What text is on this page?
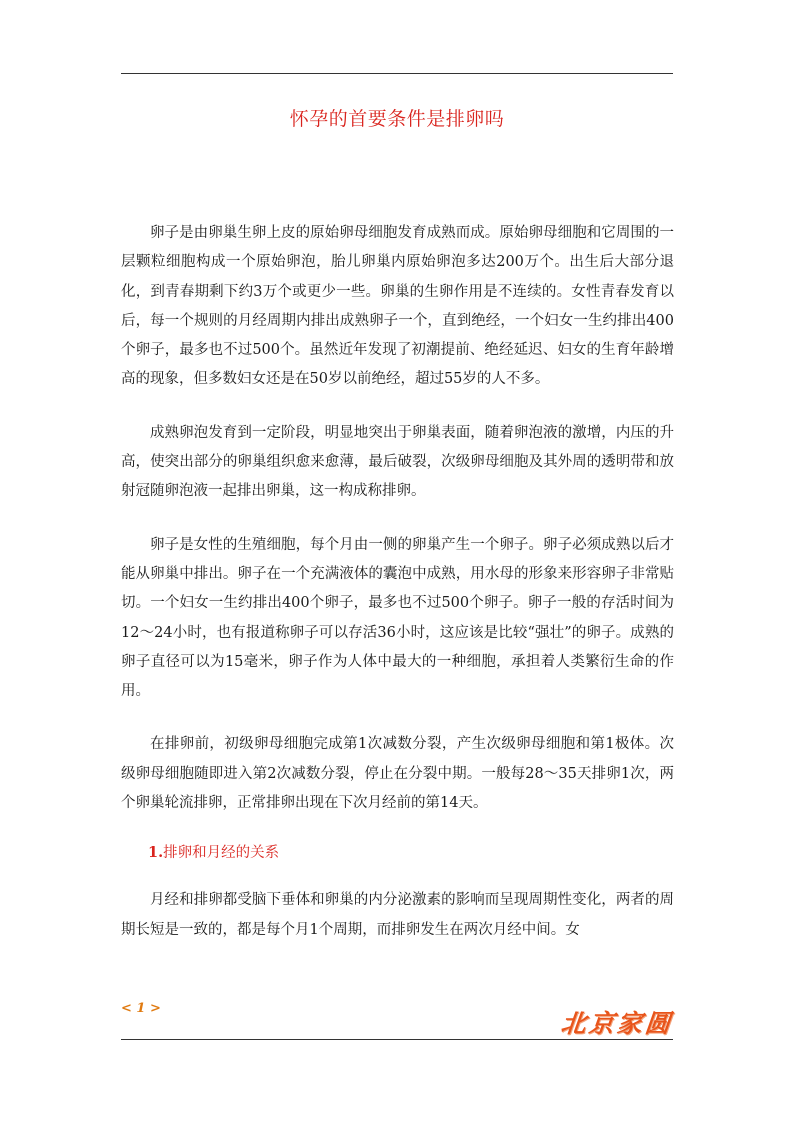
怀孕的首要条件是排卵吗

卵子是由卵巢生卵上皮的原始卵母细胞发育成熟而成。原始卵母细胞和它周围的一层颗粒细胞构成一个原始卵泡，胎儿卵巢内原始卵泡多达200万个。出生后大部分退化，到青春期剩下约3万个或更少一些。卵巢的生卵作用是不连续的。女性青春发育以后，每一个规则的月经周期内排出成熟卵子一个，直到绝经，一个妇女一生约排出400个卵子，最多也不过500个。虽然近年发现了初潮提前、绝经延迟、妇女的生育年龄增高的现象，但多数妇女还是在50岁以前绝经，超过55岁的人不多。

成熟卵泡发育到一定阶段，明显地突出于卵巢表面，随着卵泡液的激增，内压的升高，使突出部分的卵巢组织愈来愈薄，最后破裂，次级卵母细胞及其外周的透明带和放射冠随卵泡液一起排出卵巢，这一构成称排卵。

卵子是女性的生殖细胞，每个月由一侧的卵巢产生一个卵子。卵子必须成熟以后才能从卵巢中排出。卵子在一个充满液体的囊泡中成熟，用水母的形象来形容卵子非常贴切。一个妇女一生约排出400个卵子，最多也不过500个卵子。卵子一般的存活时间为12～24小时，也有报道称卵子可以存活36小时，这应该是比较“强壮”的卵子。成熟的卵子直径可以为15毫米，卵子作为人体中最大的一种细胞，承担着人类繁衍生命的作用。

在排卵前，初级卵母细胞完成第1次减数分裂，产生次级卵母细胞和第1极体。次级卵母细胞随即进入第2次减数分裂，停止在分裂中期。一般每28～35天排卵1次，两个卵巢轮流排卵，正常排卵出现在下次月经前的第14天。

1.排卵和月经的关系

月经和排卵都受脑下垂体和卵巢的内分泌激素的影响而呈现周期性变化，两者的周期长短是一致的，都是每个月1个周期，而排卵发生在两次月经中间。女

< 1 >

北京家圆
